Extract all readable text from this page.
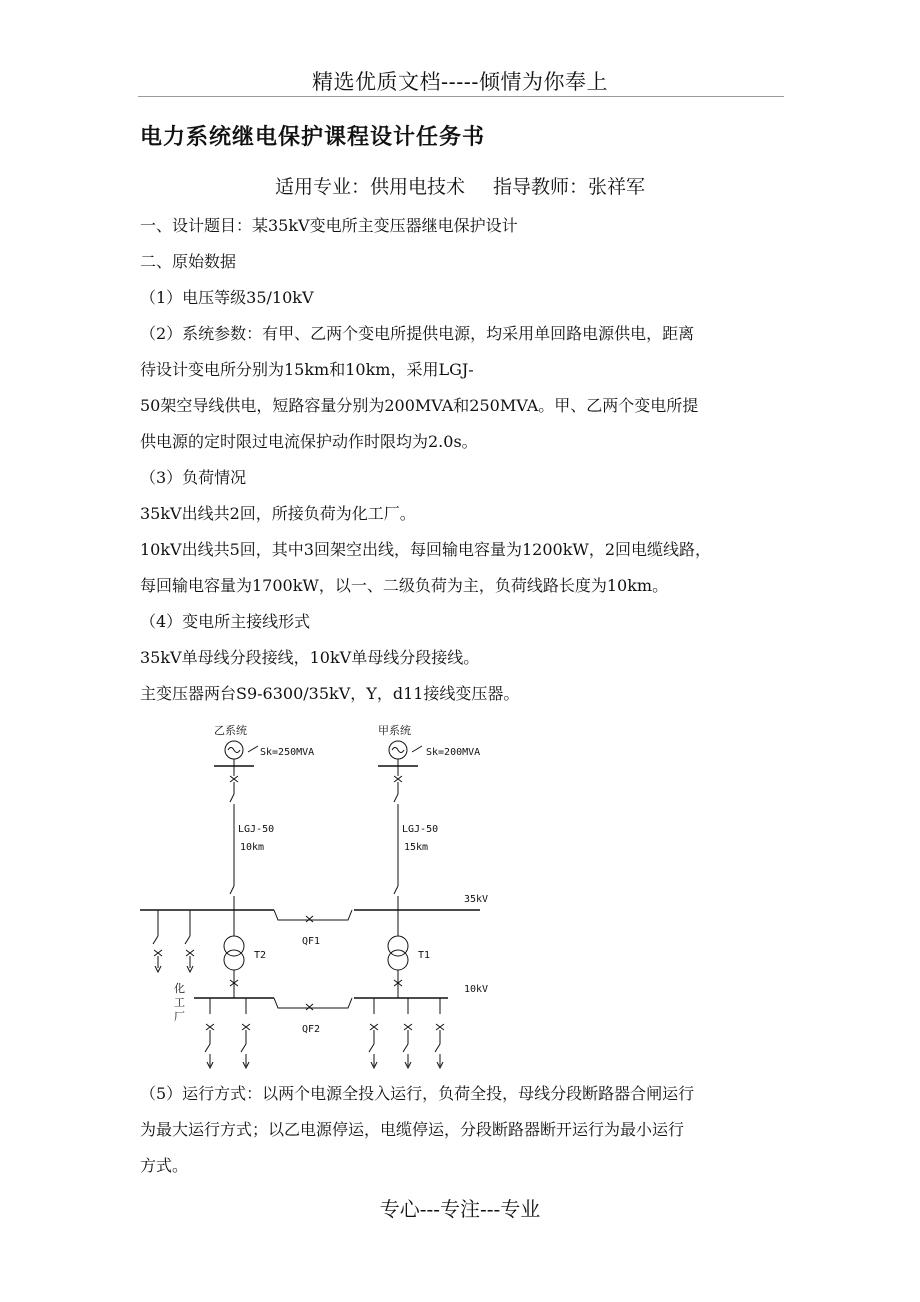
精选优质文档-----倾情为你奉上
电力系统继电保护课程设计任务书
适用专业：供用电技术 指导教师：张祥军
一、设计题目：某35kV变电所主变压器继电保护设计
二、原始数据
（1）电压等级35/10kV
（2）系统参数：有甲、乙两个变电所提供电源，均采用单回路电源供电，距离
待设计变电所分别为15km和10km，采用LGJ-
50架空导线供电，短路容量分别为200MVA和250MVA。甲、乙两个变电所提
供电源的定时限过电流保护动作时限均为2.0s。
（3）负荷情况
35kV出线共2回，所接负荷为化工厂。
10kV出线共5回，其中3回架空出线，每回输电容量为1200kW，2回电缆线路，
每回输电容量为1700kW，以一、二级负荷为主，负荷线路长度为10km。
（4）变电所主接线形式
35kV单母线分段接线，10kV单母线分段接线。
主变压器两台S9-6300/35kV，Y，d11接线变压器。
乙系统
Sk=250MVA
LGJ-50
10km
甲系统
Sk=200MVA
LGJ-50
15km
35kV
QF1
T2	T1
10kV
QF2
化
工
厂
（5）运行方式：以两个电源全投入运行，负荷全投，母线分段断路器合闸运行
为最大运行方式；以乙电源停运，电缆停运，分段断路器断开运行为最小运行
方式。
专心---专注---专业
